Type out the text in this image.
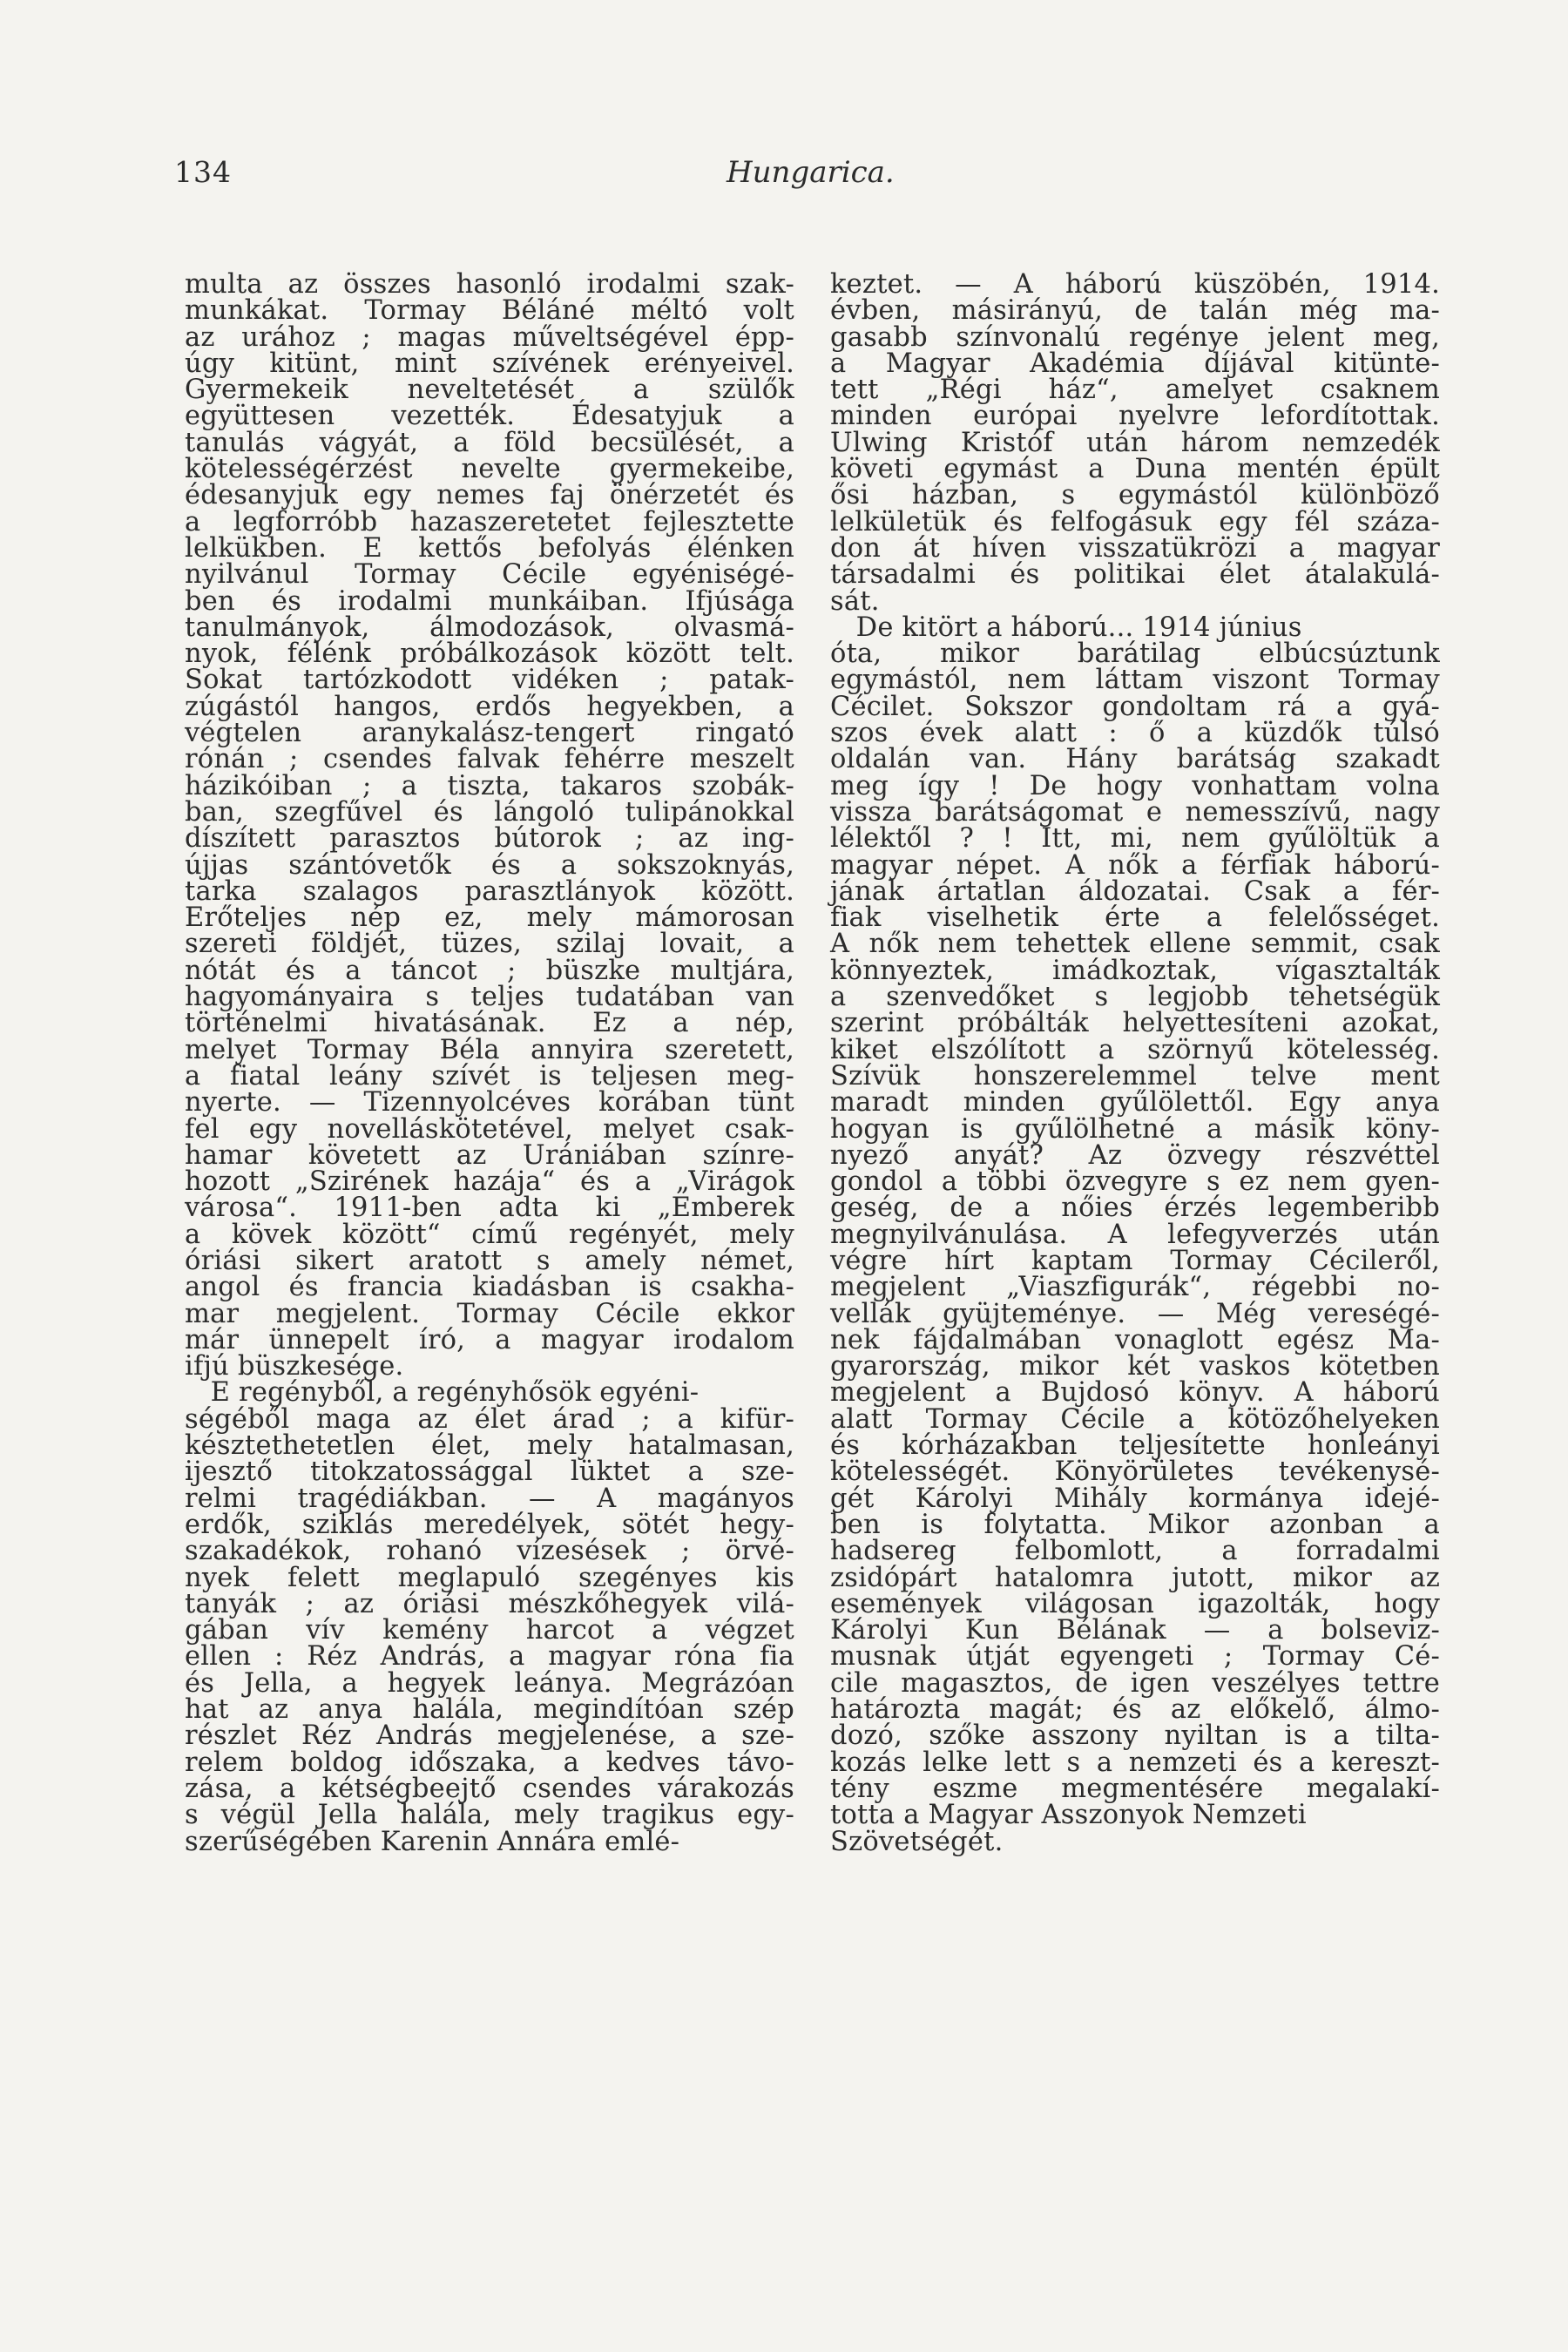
134	Hungarica.
multa az összes hasonló irodalmi szak-
munkákat. Tormay Béláné méltó volt
az urához ; magas műveltségével épp-
úgy kitünt, mint szívének erényeivel.
Gyermekeik neveltetését a szülők
együttesen vezették. Édesatyjuk a
tanulás vágyát, a föld becsülését, a
kötelességérzést nevelte gyermekeibe,
édesanyjuk egy nemes faj önérzetét és
a legforróbb hazaszeretetet fejlesztette
lelkükben. E kettős befolyás élénken
nyilvánul Tormay Cécile egyéniségé-
ben és irodalmi munkáiban. Ifjúsága
tanulmányok, álmodozások, olvasmá-
nyok, félénk próbálkozások között telt.
Sokat tartózkodott vidéken ; patak-
zúgástól hangos, erdős hegyekben, a
végtelen aranykalász-tengert ringató
rónán ; csendes falvak fehérre meszelt
házikóiban ; a tiszta, takaros szobák-
ban, szegfűvel és lángoló tulipánokkal
díszített parasztos bútorok ; az ing-
újjas szántóvetők és a sokszoknyás,
tarka szalagos parasztlányok között.
Erőteljes nép ez, mely mámorosan
szereti földjét, tüzes, szilaj lovait, a
nótát és a táncot ; büszke multjára,
hagyományaira s teljes tudatában van
történelmi hivatásának. Ez a nép,
melyet Tormay Béla annyira szeretett,
a fiatal leány szívét is teljesen meg-
nyerte. — Tizennyolcéves korában tünt
fel egy novelláskötetével, melyet csak-
hamar követett az Urániában színre-
hozott „Szirének hazája“ és a „Virágok
városa“. 1911-ben adta ki „Emberek
a kövek között“ című regényét, mely
óriási sikert aratott s amely német,
angol és francia kiadásban is csakha-
mar megjelent. Tormay Cécile ekkor
már ünnepelt író, a magyar irodalom
ifjú büszkesége.
E regényből, a regényhősök egyéni-
ségéből maga az élet árad ; a kifür-
késztethetetlen élet, mely hatalmasan,
ijesztő titokzatossággal lüktet a sze-
relmi tragédiákban. — A magányos
erdők, sziklás meredélyek, sötét hegy-
szakadékok, rohanó vízesések ; örvé-
nyek felett meglapuló szegényes kis
tanyák ; az óriási mészkőhegyek vilá-
gában vív kemény harcot a végzet
ellen : Réz András, a magyar róna fia
és Jella, a hegyek leánya. Megrázóan
hat az anya halála, megindítóan szép
részlet Réz András megjelenése, a sze-
relem boldog időszaka, a kedves távo-
zása, a kétségbeejtő csendes várakozás
s végül Jella halála, mely tragikus egy-
szerűségében Karenin Annára emlé-
keztet. — A háború küszöbén, 1914.
évben, másirányú, de talán még ma-
gasabb színvonalú regénye jelent meg,
a Magyar Akadémia díjával kitünte-
tett „Régi ház“, amelyet csaknem
minden európai nyelvre lefordítottak.
Ulwing Kristóf után három nemzedék
követi egymást a Duna mentén épült
ősi házban, s egymástól különböző
lelkületük és felfogásuk egy fél száza-
don át híven visszatükrözi a magyar
társadalmi és politikai élet átalakulá-
sát.
De kitört a háború... 1914 június
óta, mikor barátilag elbúcsúztunk
egymástól, nem láttam viszont Tormay
Cécilet. Sokszor gondoltam rá a gyá-
szos évek alatt : ő a küzdők túlsó
oldalán van. Hány barátság szakadt
meg így ! De hogy vonhattam volna
vissza barátságomat e nemesszívű, nagy
lélektől ? ! Itt, mi, nem gyűlöltük a
magyar népet. A nők a férfiak háború-
jának ártatlan áldozatai. Csak a fér-
fiak viselhetik érte a felelősséget.
A nők nem tehettek ellene semmit, csak
könnyeztek, imádkoztak, vígasztalták
a szenvedőket s legjobb tehetségük
szerint próbálták helyettesíteni azokat,
kiket elszólított a szörnyű kötelesség.
Szívük honszerelemmel telve ment
maradt minden gyűlölettől. Egy anya
hogyan is gyűlölhetné a másik köny-
nyező anyát? Az özvegy részvéttel
gondol a többi özvegyre s ez nem gyen-
geség, de a nőies érzés legemberibb
megnyilvánulása. A lefegyverzés után
végre hírt kaptam Tormay Cécileről,
megjelent „Viaszfigurák“, régebbi no-
vellák gyüjteménye. — Még vereségé-
nek fájdalmában vonaglott egész Ma-
gyarország, mikor két vaskos kötetben
megjelent a Bujdosó könyv. A háború
alatt Tormay Cécile a kötözőhelyeken
és kórházakban teljesítette honleányi
kötelességét. Könyörületes tevékenysé-
gét Károlyi Mihály kormánya idejé-
ben is folytatta. Mikor azonban a
hadsereg felbomlott, a forradalmi
zsidópárt hatalomra jutott, mikor az
események világosan igazolták, hogy
Károlyi Kun Bélának — a bolseviz-
musnak útját egyengeti ; Tormay Cé-
cile magasztos, de igen veszélyes tettre
határozta magát; és az előkelő, álmo-
dozó, szőke asszony nyiltan is a tilta-
kozás lelke lett s a nemzeti és a kereszt-
tény eszme megmentésére megalakí-
totta a Magyar Asszonyok Nemzeti
Szövetségét.
